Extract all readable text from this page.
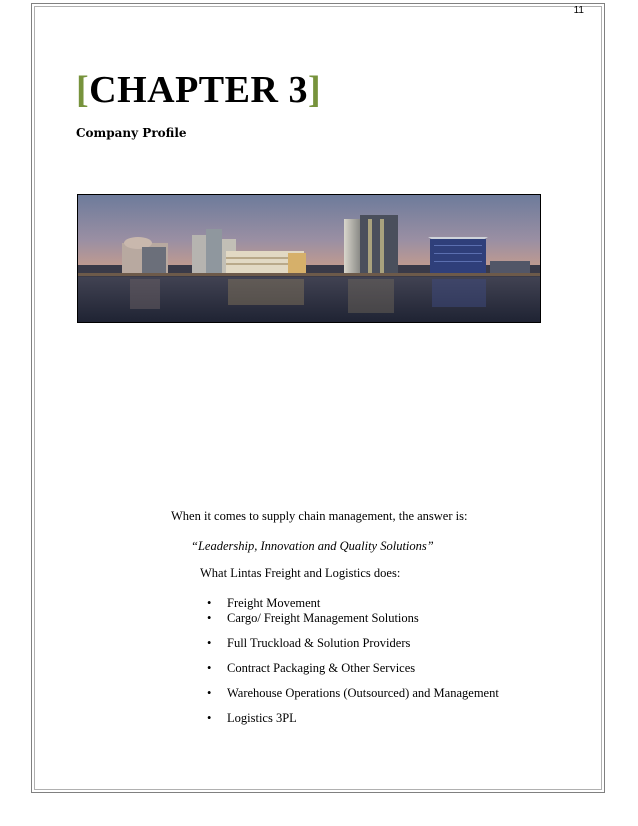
11
[CHAPTER 3]
Company Profile
When it comes to supply chain management, the answer is:
“Leadership, Innovation and Quality Solutions”
What Lintas Freight and Logistics does:
• Freight Movement
• Cargo/ Freight Management Solutions
• Full Truckload & Solution Providers
• Contract Packaging & Other Services
• Warehouse Operations (Outsourced) and Management
• Logistics 3PL
